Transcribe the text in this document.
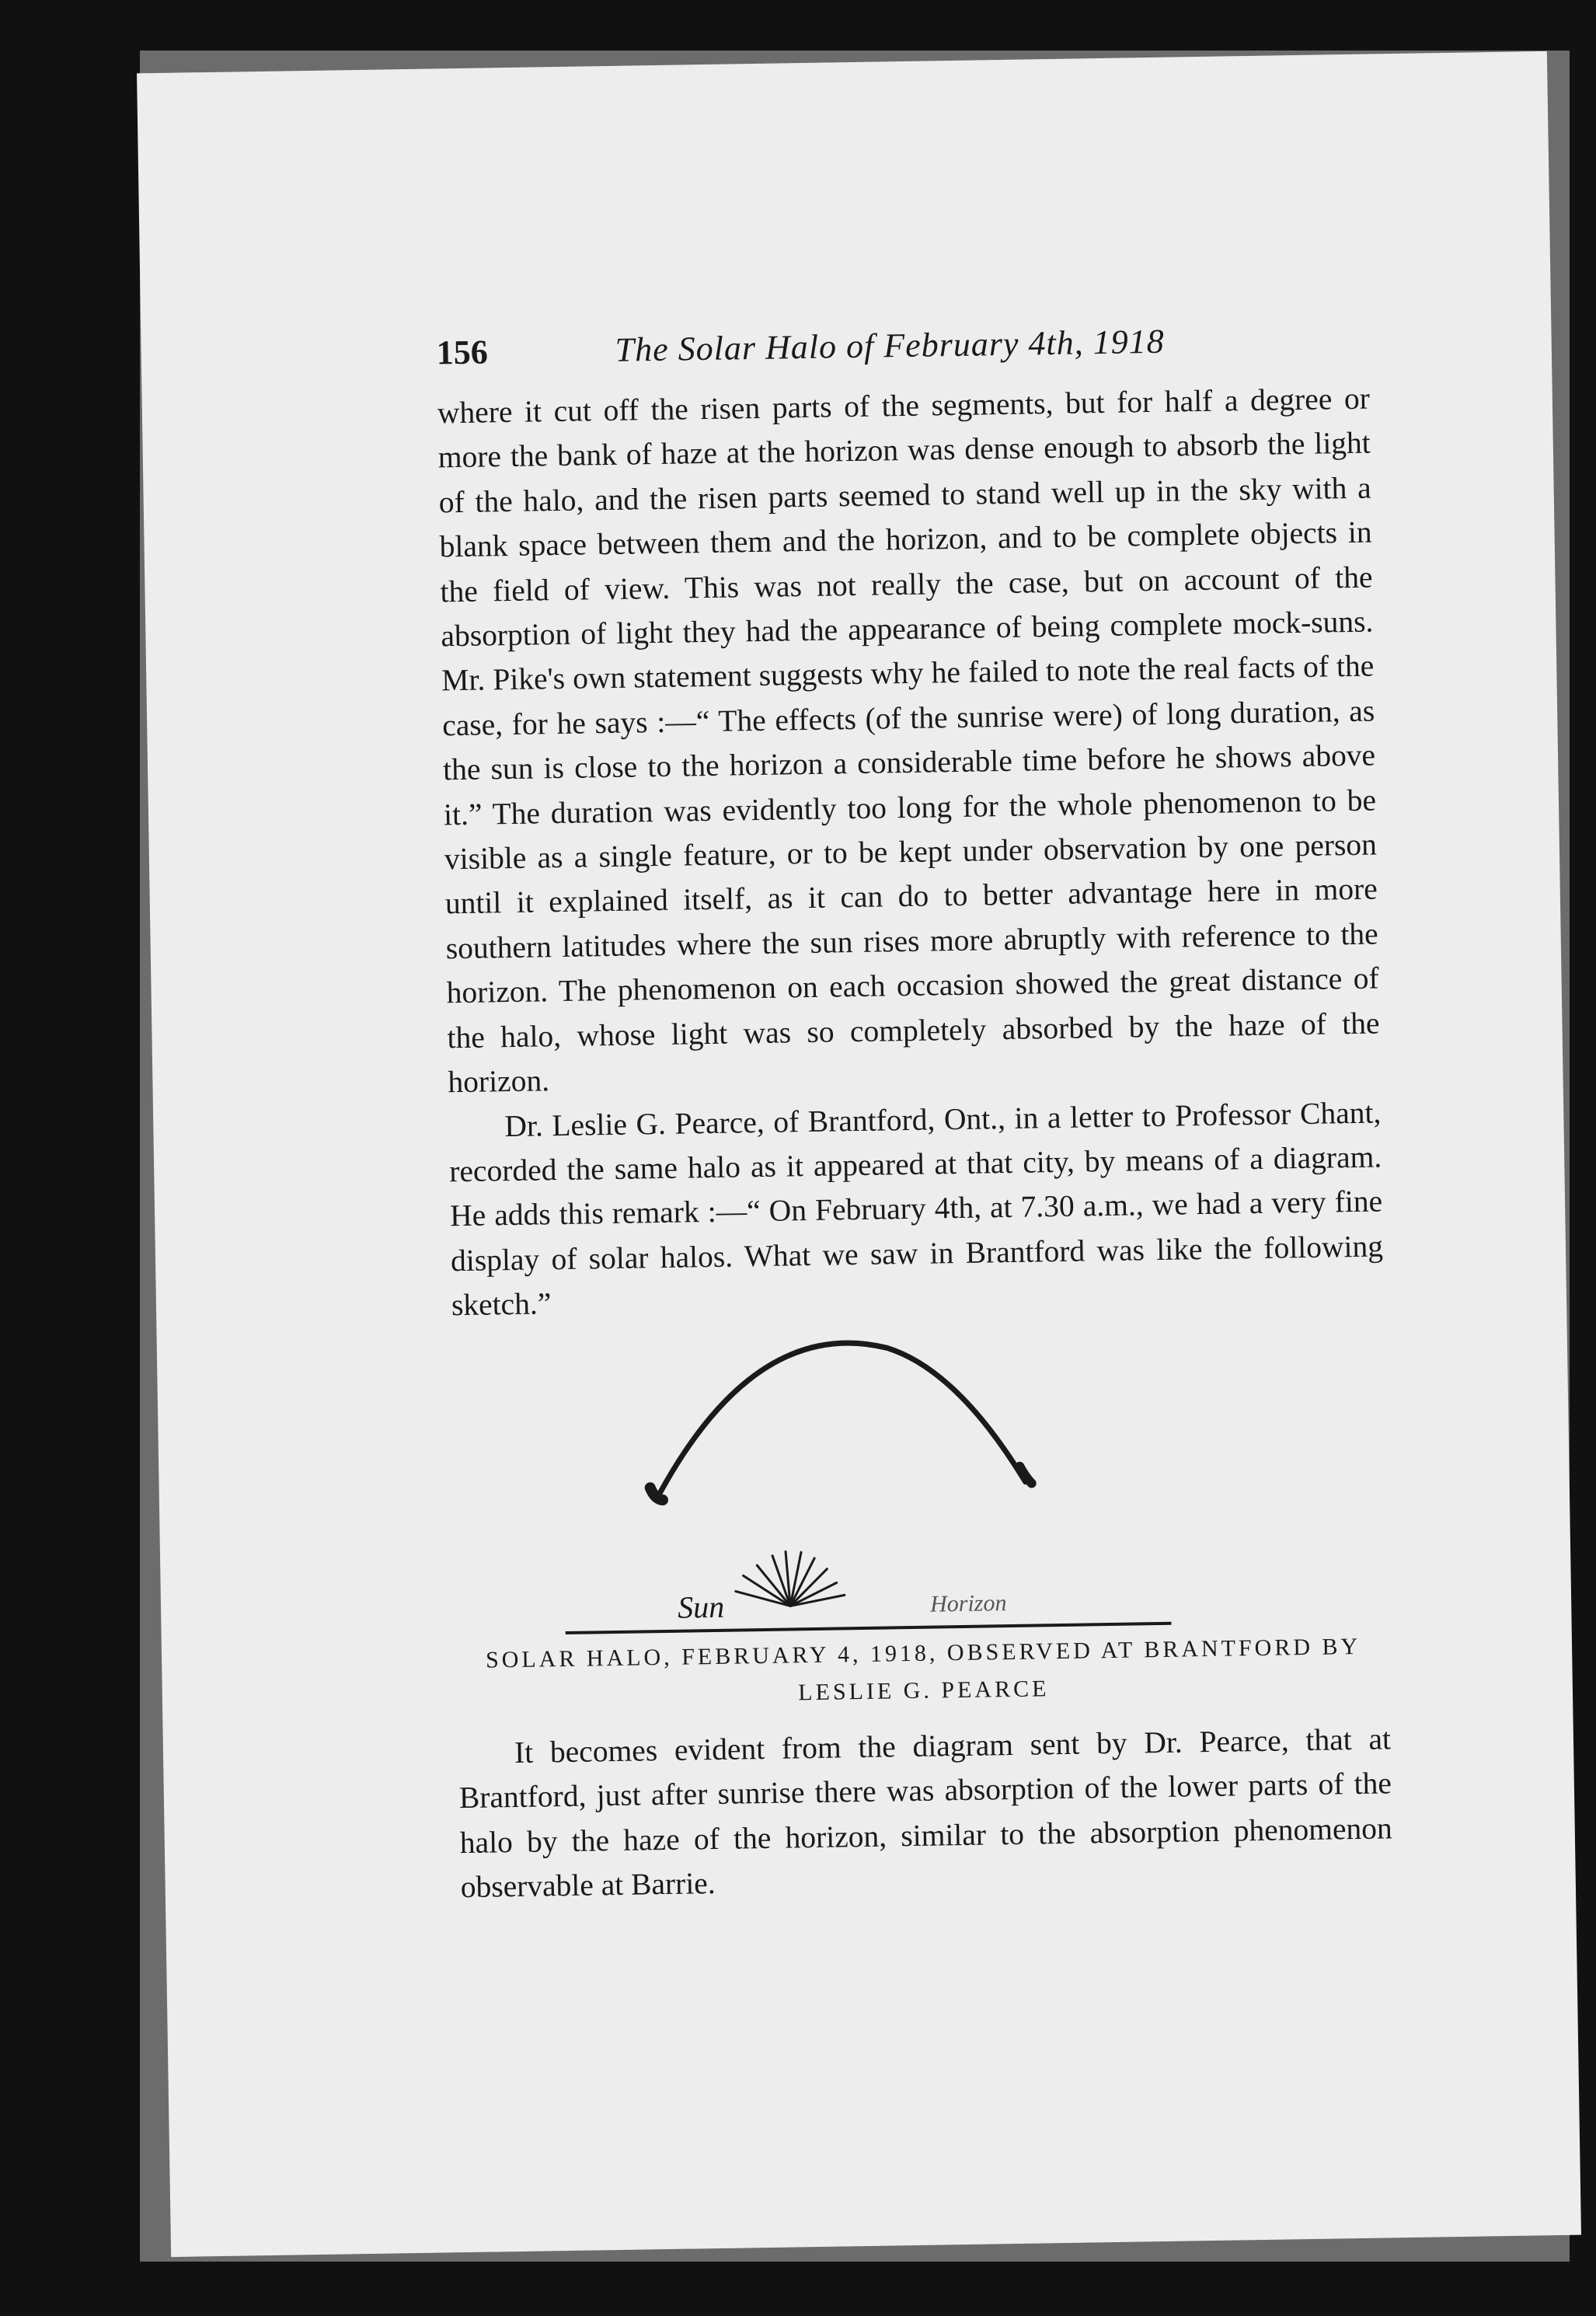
156	The Solar Halo of February 4th, 1918

where it cut off the risen parts of the segments, but for half a degree or more the bank of haze at the horizon was dense enough to absorb the light of the halo, and the risen parts seemed to stand well up in the sky with a blank space between them and the horizon, and to be complete objects in the field of view. This was not really the case, but on account of the absorption of light they had the appearance of being complete mock-suns. Mr. Pike's own statement suggests why he failed to note the real facts of the case, for he says :—“ The effects (of the sunrise were) of long duration, as the sun is close to the horizon a considerable time before he shows above it.” The duration was evidently too long for the whole phenomenon to be visible as a single feature, or to be kept under observation by one person until it explained itself, as it can do to better advantage here in more southern latitudes where the sun rises more abruptly with reference to the horizon. The phenomenon on each occasion showed the great distance of the halo, whose light was so completely absorbed by the haze of the horizon.

Dr. Leslie G. Pearce, of Brantford, Ont., in a letter to Professor Chant, recorded the same halo as it appeared at that city, by means of a diagram. He adds this remark :—“ On February 4th, at 7.30 a.m., we had a very fine display of solar halos. What we saw in Brantford was like the following sketch.”

Sun	Horizon
SOLAR HALO, FEBRUARY 4, 1918, OBSERVED AT BRANTFORD BY
LESLIE G. PEARCE

It becomes evident from the diagram sent by Dr. Pearce, that at Brantford, just after sunrise there was absorption of the lower parts of the halo by the haze of the horizon, similar to the absorption phenomenon observable at Barrie.
